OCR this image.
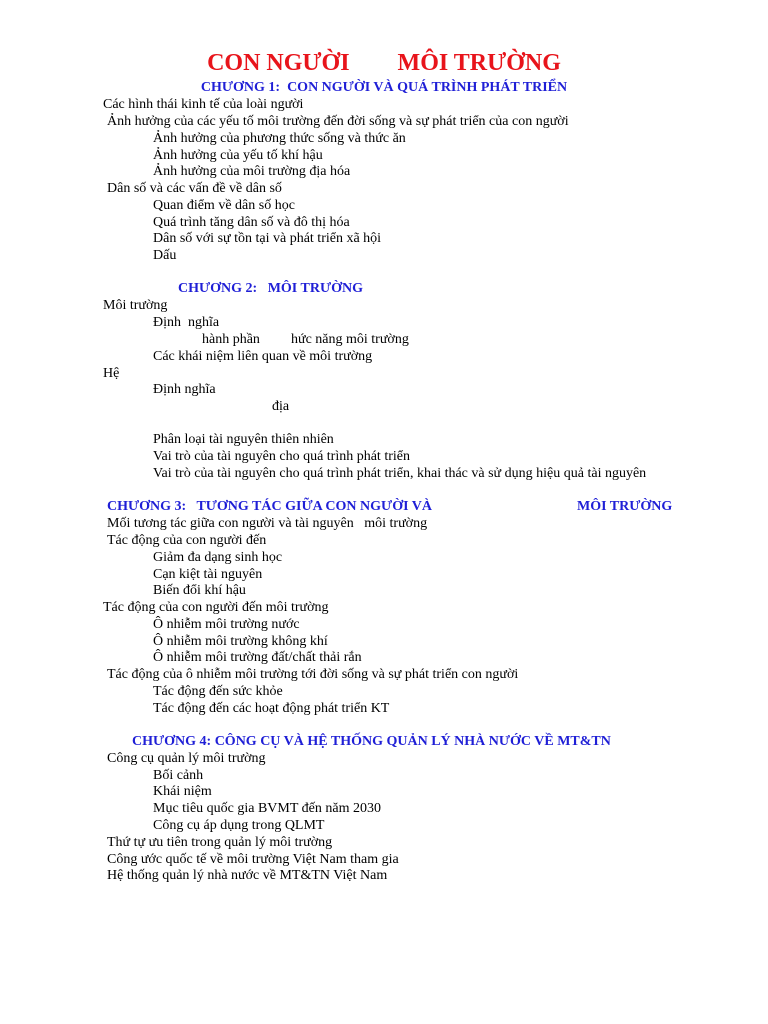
CON NGƯỜI MÔI TRƯỜNG
CHƯƠNG 1:  CON NGƯỜI VÀ QUÁ TRÌNH PHÁT TRIỂN
Các hình thái kinh tế của loài người
Ảnh hưởng của các yếu tố môi trường đến đời sống và sự phát triển của con người
Ảnh hưởng của phương thức sống và thức ăn
Ảnh hưởng của yếu tố khí hậu
Ảnh hưởng của môi trường địa hóa
Dân số và các vấn đề về dân số
Quan điểm về dân số học
Quá trình tăng dân số và đô thị hóa
Dân số với sự tồn tại và phát triển xã hội
Dấu
CHƯƠNG 2:   MÔI TRƯỜNG
Môi trường
Định  nghĩa
hành phần hức năng môi trường
Các khái niệm liên quan về môi trường
Hệ
Định nghĩa
địa
Phân loại tài nguyên thiên nhiên
Vai trò của tài nguyên cho quá trình phát triển
Vai trò của tài nguyên cho quá trình phát triển, khai thác và sử dụng hiệu quả tài nguyên
CHƯƠNG 3:   TƯƠNG TÁC GIỮA CON NGƯỜI VÀ	MÔI TRƯỜNG
Mối tương tác giữa con người và tài nguyên   môi trường
Tác động của con người đến
Giảm đa dạng sinh học
Cạn kiệt tài nguyên
Biến đổi khí hậu
Tác động của con người đến môi trường
Ô nhiễm môi trường nước
Ô nhiễm môi trường không khí
Ô nhiễm môi trường đất/chất thải rắn
Tác động của ô nhiễm môi trường tới đời sống và sự phát triển con người
Tác động đến sức khỏe
Tác động đến các hoạt động phát triển KT
CHƯƠNG 4: CÔNG CỤ VÀ HỆ THỐNG QUẢN LÝ NHÀ NƯỚC VỀ MT&TN
Công cụ quản lý môi trường
Bối cảnh
Khái niệm
Mục tiêu quốc gia BVMT đến năm 2030
Công cụ áp dụng trong QLMT
Thứ tự ưu tiên trong quản lý môi trường
Công ước quốc tế về môi trường Việt Nam tham gia
Hệ thống quản lý nhà nước về MT&TN Việt Nam
